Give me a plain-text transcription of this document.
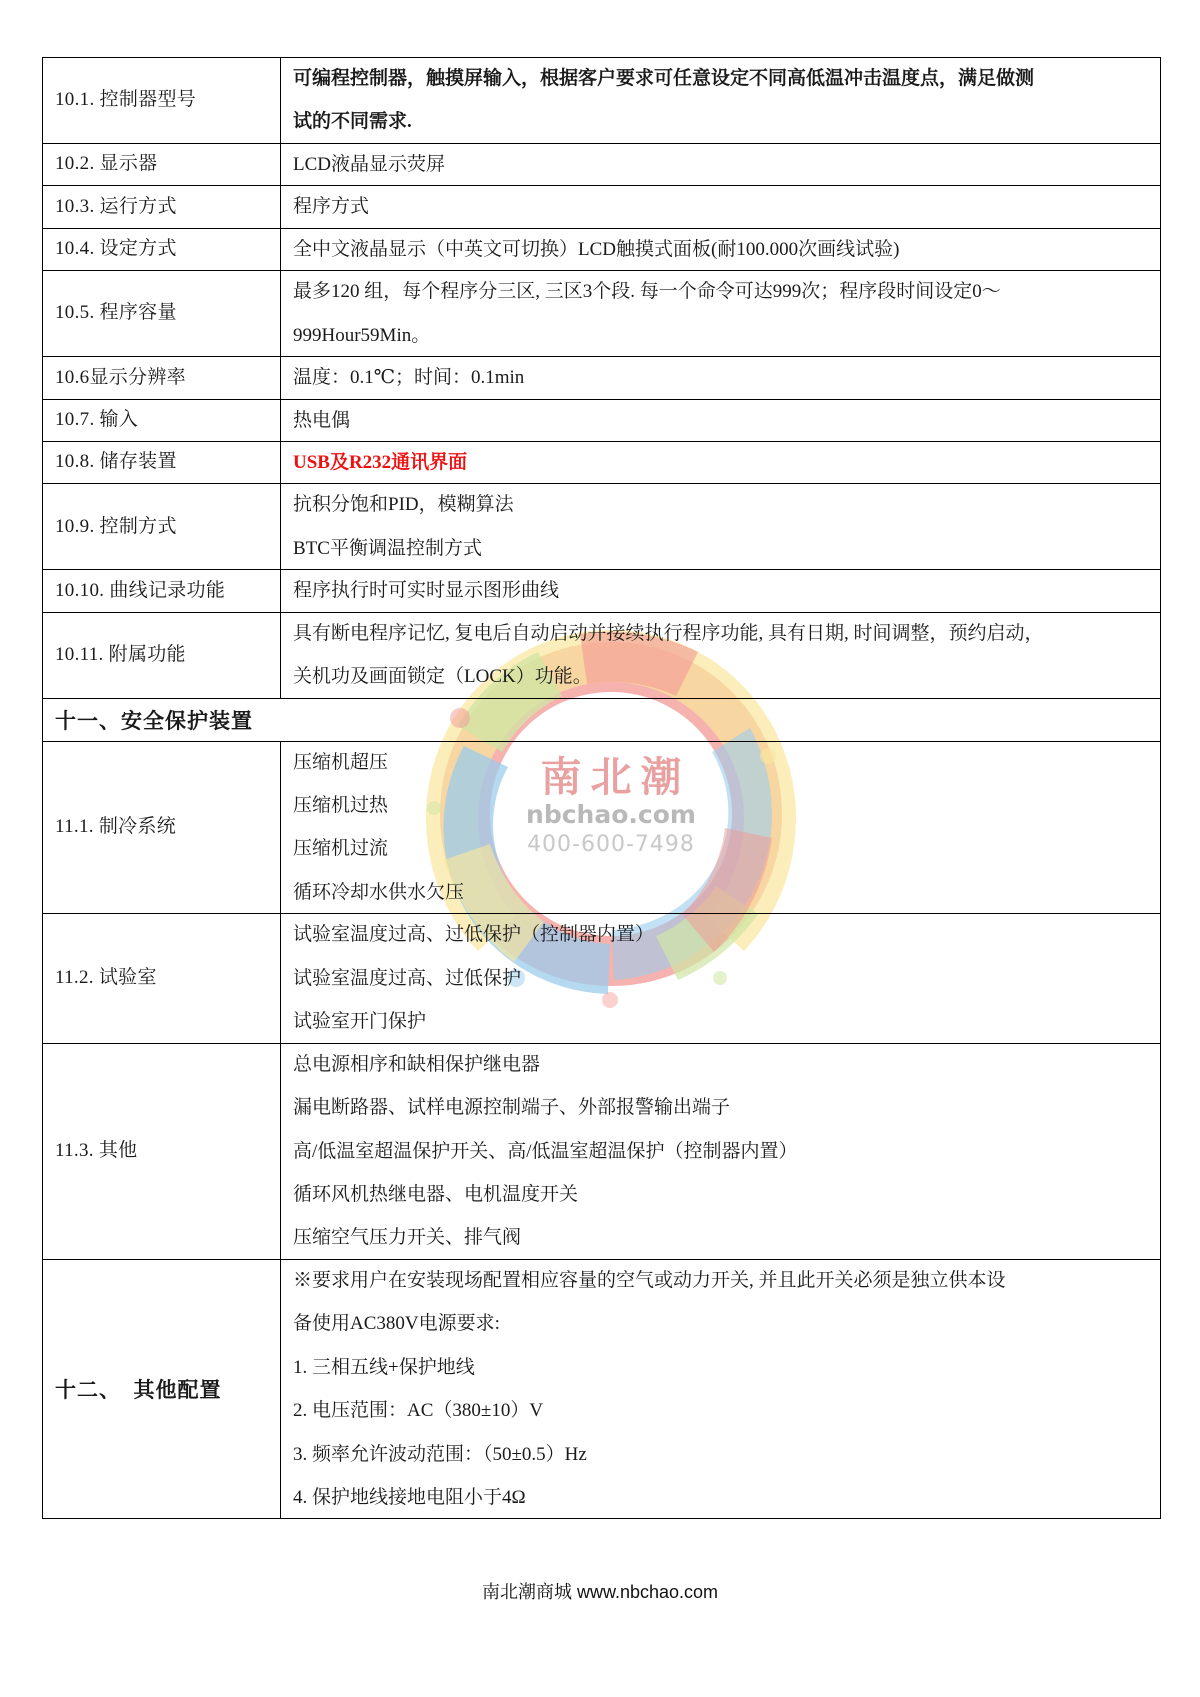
南北潮
nbchao.com
400-600-7498
10.1. 控制器型号	可编程控制器，触摸屏输入，根据客户要求可任意设定不同高低温冲击温度点，满足做测
试的不同需求.

10.2. 显示器	LCD液晶显示荧屏

10.3. 运行方式	程序方式

10.4. 设定方式	全中文液晶显示（中英文可切换）LCD触摸式面板(耐100.000次画线试验)

10.5. 程序容量	最多120 组，每个程序分三区, 三区3个段. 每一个命令可达999次；程序段时间设定0～
999Hour59Min。

10.6显示分辨率	温度：0.1℃；时间：0.1min

10.7. 输入	热电偶

10.8. 储存装置	USB及R232通讯界面

10.9. 控制方式	抗积分饱和PID，模糊算法
BTC平衡调温控制方式

10.10. 曲线记录功能	程序执行时可实时显示图形曲线

10.11. 附属功能	具有断电程序记忆, 复电后自动启动并接续执行程序功能, 具有日期, 时间调整，预约启动，
关机功及画面锁定（LOCK）功能。

十一、安全保护装置	
11.1. 制冷系统	压缩机超压
压缩机过热
压缩机过流
循环冷却水供水欠压

11.2. 试验室	试验室温度过高、过低保护（控制器内置）
试验室温度过高、过低保护
试验室开门保护

11.3. 其他	总电源相序和缺相保护继电器
漏电断路器、试样电源控制端子、外部报警输出端子
高/低温室超温保护开关、高/低温室超温保护（控制器内置）
循环风机热继电器、电机温度开关
压缩空气压力开关、排气阀

十二、  其他配置

※要求用户在安装现场配置相应容量的空气或动力开关, 并且此开关必须是独立供本设
备使用AC380V电源要求:
1. 三相五线+保护地线
2. 电压范围：AC（380±10）V
3. 频率允许波动范围：（50±0.5）Hz
4. 保护地线接地电阻小于4Ω
南北潮商城 www.nbchao.com
